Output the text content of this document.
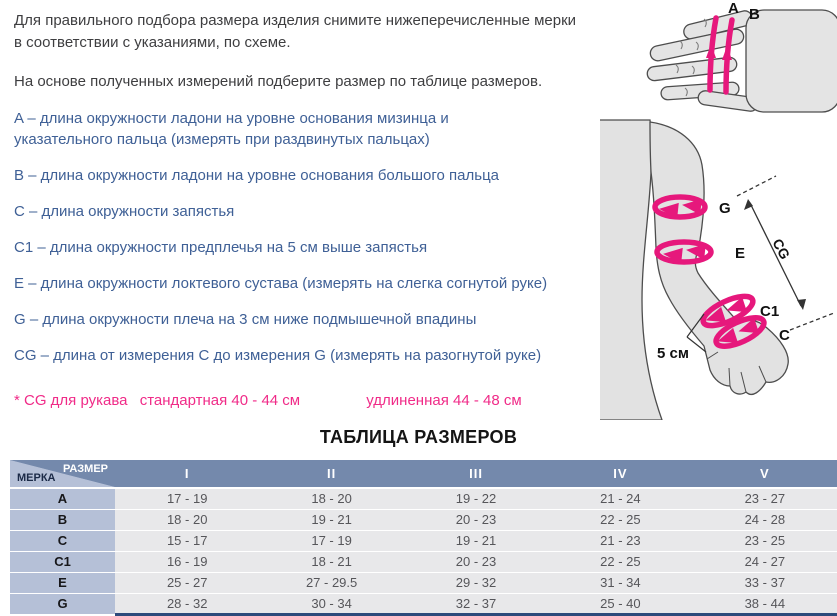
Для правильного подбора размера изделия снимите нижеперечисленные мерки в соответствии с указаниями, по схеме.
На основе полученных измерений подберите размер по таблице размеров.
A – длина окружности ладони на уровне основания мизинца и указательного пальца (измерять при раздвинутых пальцах)
B – длина окружности ладони на уровне основания большого пальца
C – длина окружности запястья
C1 – длина окружности предплечья на 5 см выше запястья
E – длина окружности локтевого сустава (измерять на слегка согнутой руке)
G – длина окружности плеча на 3 см ниже подмышечной впадины
CG – длина от измерения C до измерения G (измерять на разогнутой руке)
* CG для рукава стандартная 40 - 44 см	удлиненная 44 - 48 см
ТАБЛИЦА РАЗМЕРОВ
РАЗМЕР
МЕРКА	I	II	III	IV	V
А	17 - 19	18 - 20	19 - 22	21 - 24	23 - 27
В	18 - 20	19 - 21	20 - 23	22 - 25	24 - 28
С	15 - 17	17 - 19	19 - 21	21 - 23	23 - 25
С1	16 - 19	18 - 21	20 - 23	22 - 25	24 - 27
Е	25 - 27	27 - 29.5	29 - 32	31 - 34	33 - 37
G	28 - 32	30 - 34	32 - 37	25 - 40	38 - 44
А В
CG
5 см
G
E
C1
C
